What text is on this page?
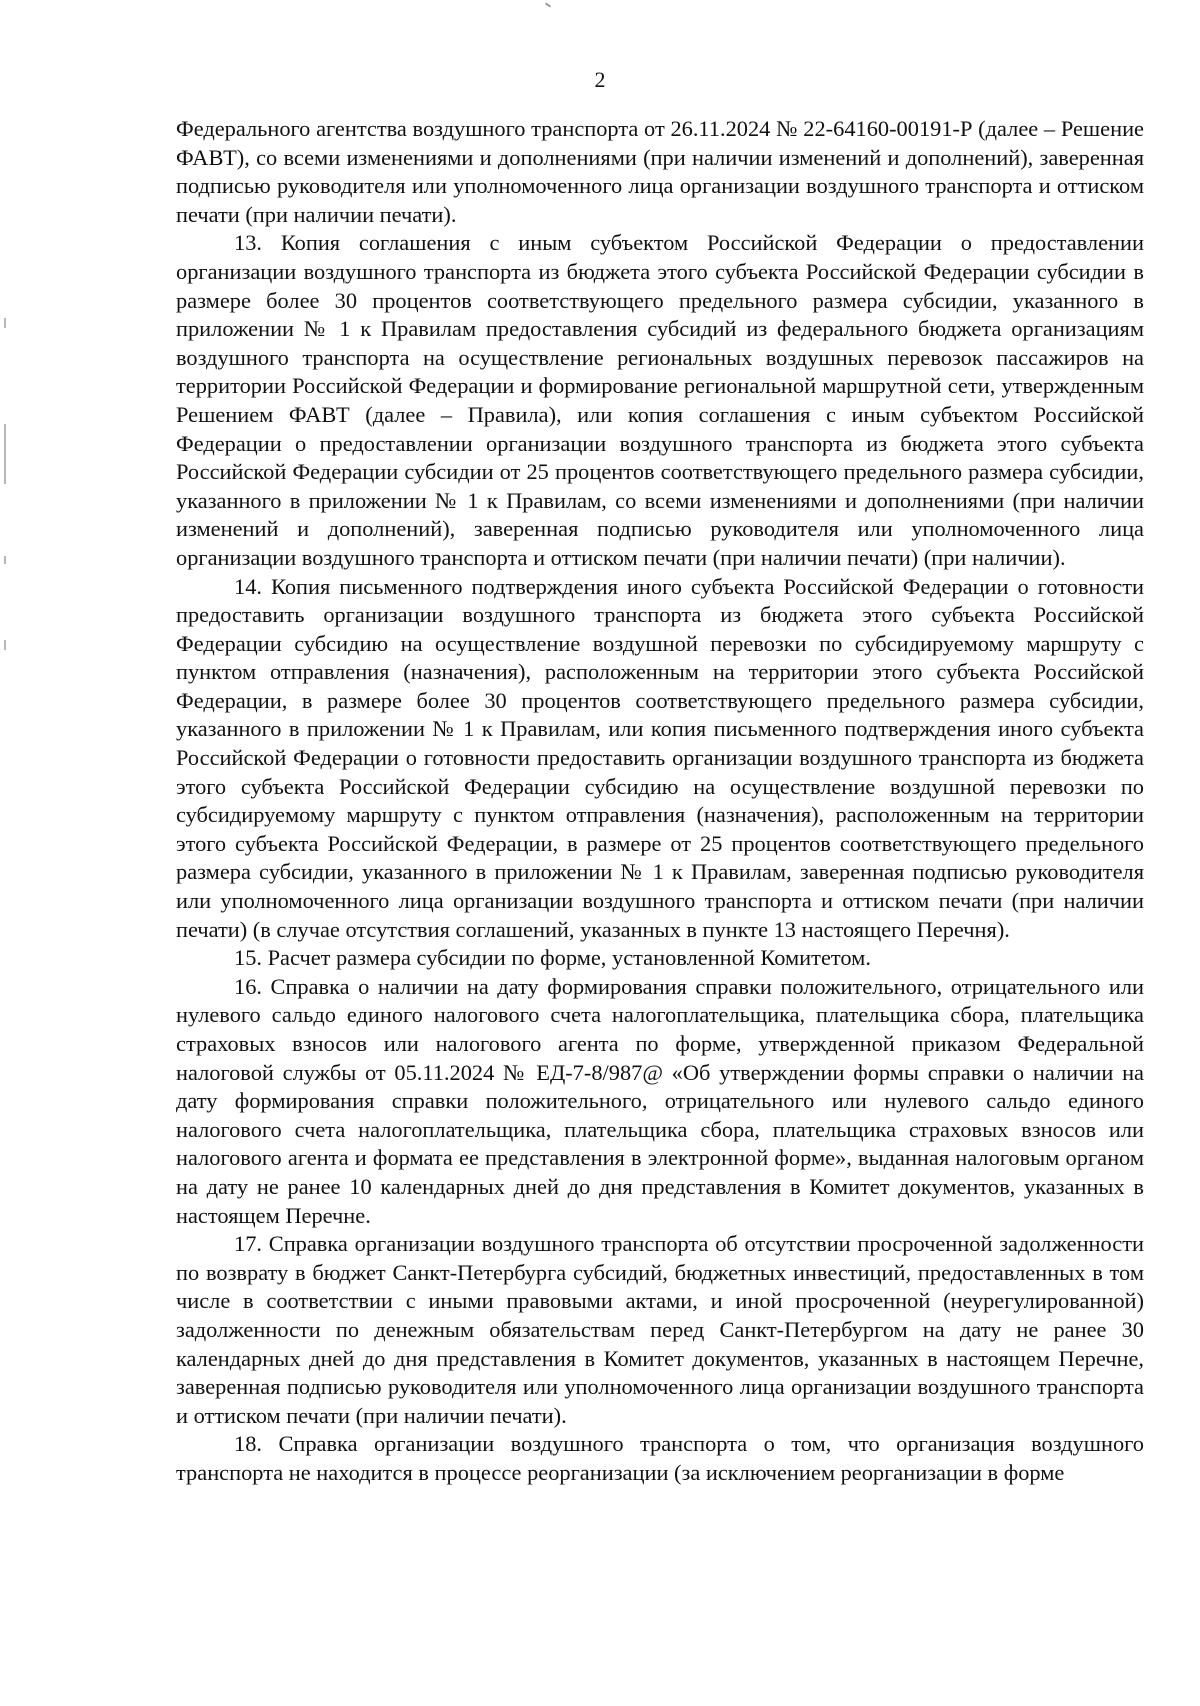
2

Федерального агентства воздушного транспорта от 26.11.2024 № 22-64160-00191-Р (далее – Решение ФАВТ), со всеми изменениями и дополнениями (при наличии изменений и дополнений), заверенная подписью руководителя или уполномоченного лица организации воздушного транспорта и оттиском печати (при наличии печати).

13. Копия соглашения с иным субъектом Российской Федерации о предоставлении организации воздушного транспорта из бюджета этого субъекта Российской Федерации субсидии в размере более 30 процентов соответствующего предельного размера субсидии, указанного в приложении № 1 к Правилам предоставления субсидий из федерального бюджета организациям воздушного транспорта на осуществление региональных воздушных перевозок пассажиров на территории Российской Федерации и формирование региональной маршрутной сети, утвержденным Решением ФАВТ (далее – Правила), или копия соглашения с иным субъектом Российской Федерации о предоставлении организации воздушного транспорта из бюджета этого субъекта Российской Федерации субсидии от 25 процентов соответствующего предельного размера субсидии, указанного в приложении № 1 к Правилам, со всеми изменениями и дополнениями (при наличии изменений и дополнений), заверенная подписью руководителя или уполномоченного лица организации воздушного транспорта и оттиском печати (при наличии печати) (при наличии).

14. Копия письменного подтверждения иного субъекта Российской Федерации о готовности предоставить организации воздушного транспорта из бюджета этого субъекта Российской Федерации субсидию на осуществление воздушной перевозки по субсидируемому маршруту с пунктом отправления (назначения), расположенным на территории этого субъекта Российской Федерации, в размере более 30 процентов соответствующего предельного размера субсидии, указанного в приложении № 1 к Правилам, или копия письменного подтверждения иного субъекта Российской Федерации о готовности предоставить организации воздушного транспорта из бюджета этого субъекта Российской Федерации субсидию на осуществление воздушной перевозки по субсидируемому маршруту с пунктом отправления (назначения), расположенным на территории этого субъекта Российской Федерации, в размере от 25 процентов соответствующего предельного размера субсидии, указанного в приложении № 1 к Правилам, заверенная подписью руководителя или уполномоченного лица организации воздушного транспорта и оттиском печати (при наличии печати) (в случае отсутствия соглашений, указанных в пункте 13 настоящего Перечня).

15. Расчет размера субсидии по форме, установленной Комитетом.

16. Справка о наличии на дату формирования справки положительного, отрицательного или нулевого сальдо единого налогового счета налогоплательщика, плательщика сбора, плательщика страховых взносов или налогового агента по форме, утвержденной приказом Федеральной налоговой службы от 05.11.2024 № ЕД-7-8/987@ «Об утверждении формы справки о наличии на дату формирования справки положительного, отрицательного или нулевого сальдо единого налогового счета налогоплательщика, плательщика сбора, плательщика страховых взносов или налогового агента и формата ее представления в электронной форме», выданная налоговым органом на дату не ранее 10 календарных дней до дня представления в Комитет документов, указанных в настоящем Перечне.

17. Справка организации воздушного транспорта об отсутствии просроченной задолженности по возврату в бюджет Санкт-Петербурга субсидий, бюджетных инвестиций, предоставленных в том числе в соответствии с иными правовыми актами, и иной просроченной (неурегулированной) задолженности по денежным обязательствам перед Санкт-Петербургом на дату не ранее 30 календарных дней до дня представления в Комитет документов, указанных в настоящем Перечне, заверенная подписью руководителя или уполномоченного лица организации воздушного транспорта и оттиском печати (при наличии печати).

18. Справка организации воздушного транспорта о том, что организация воздушного транспорта не находится в процессе реорганизации (за исключением реорганизации в форме
